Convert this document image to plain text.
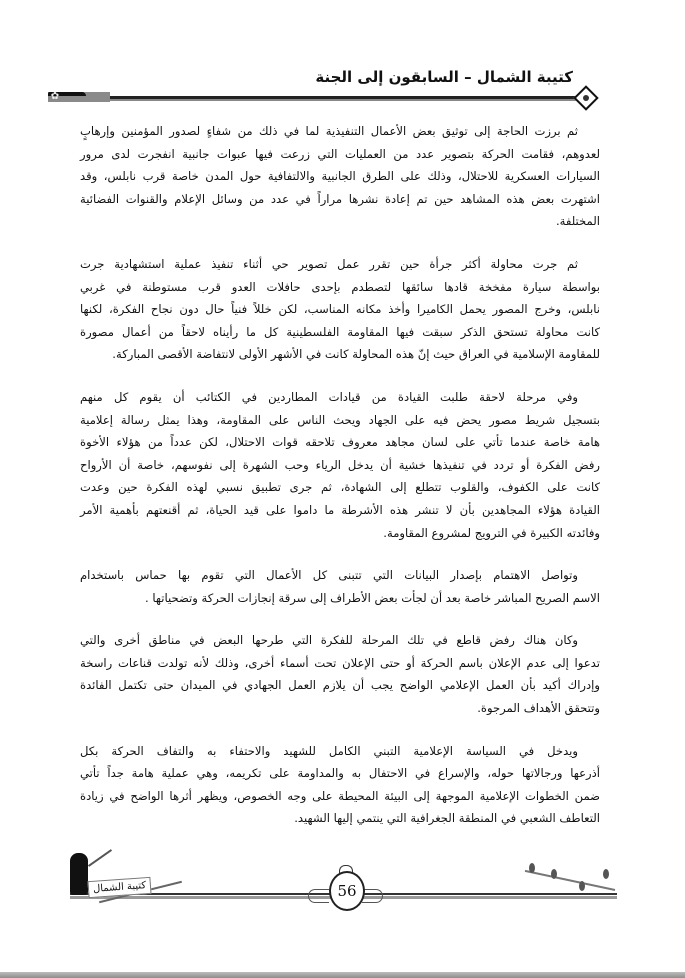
كتيبة الشمال – السابقون إلى الجنة
✿
ثم برزت الحاجة إلى توثيق بعض الأعمال التنفيذية لما في ذلك من شفاءٍ لصدور المؤمنين وإرهابٍ
لعدوهم، فقامت الحركة بتصوير عدد من العمليات التي زرعت فيها عبوات جانبية انفجرت لدى مرور
السيارات العسكرية للاحتلال، وذلك على الطرق الجانبية والالتفافية حول المدن خاصة قرب نابلس، وقد
اشتهرت بعض هذه المشاهد حين تم إعادة نشرها مراراً في عدد من وسائل الإعلام والقنوات الفضائية
المختلفة.
ثم جرت محاولة أكثر جرأة حين تقرر عمل تصوير حي أثناء تنفيذ عملية استشهادية جرت
بواسطة سيارة مفخخة قادها سائقها لتصطدم بإحدى حافلات العدو قرب مستوطنة في غربي
نابلس، وخرج المصور يحمل الكاميرا وأخذ مكانه المناسب، لكن خللاً فنياً حال دون نجاح الفكرة، لكنها
كانت محاولة تستحق الذكر سبقت فيها المقاومة الفلسطينية كل ما رأيناه لاحقاً من أعمال مصورة
للمقاومة الإسلامية في العراق حيث إنّ هذه المحاولة كانت في الأشهر الأولى لانتفاضة الأقصى المباركة.
وفي مرحلة لاحقة طلبت القيادة من قيادات المطاردين في الكتائب أن يقوم كل منهم
بتسجيل شريط مصور يحض فيه على الجهاد ويحث الناس على المقاومة، وهذا يمثل رسالة إعلامية
هامة خاصة عندما تأتي على لسان مجاهد معروف تلاحقه قوات الاحتلال، لكن عدداً من هؤلاء الأخوة
رفض الفكرة أو تردد في تنفيذها خشية أن يدخل الرياء وحب الشهرة إلى نفوسهم، خاصة أن الأرواح
كانت على الكفوف، والقلوب تتطلع إلى الشهادة، ثم جرى تطبيق نسبي لهذه الفكرة حين وعدت
القيادة هؤلاء المجاهدين بأن لا تنشر هذه الأشرطة ما داموا على قيد الحياة، ثم أقنعتهم بأهمية الأمر
وفائدته الكبيرة في الترويج لمشروع المقاومة.
وتواصل الاهتمام بإصدار البيانات التي تتبنى كل الأعمال التي تقوم بها حماس باستخدام
الاسم الصريح المباشر خاصة بعد أن لجأت بعض الأطراف إلى سرقة إنجازات الحركة وتضحياتها .
وكان هناك رفض قاطع في تلك المرحلة للفكرة التي طرحها البعض في مناطق أخرى والتي
تدعوا إلى عدم الإعلان باسم الحركة أو حتى الإعلان تحت أسماء أخرى، وذلك لأنه تولدت قناعات راسخة
وإدراك أكيد بأن العمل الإعلامي الواضح يجب أن يلازم العمل الجهادي في الميدان حتى تكتمل الفائدة
وتتحقق الأهداف المرجوة.
ويدخل في السياسة الإعلامية التبني الكامل للشهيد والاحتفاء به والتفاف الحركة بكل
أذرعها ورجالاتها حوله، والإسراع في الاحتفال به والمداومة على تكريمه، وهي عملية هامة جداً تأتي
ضمن الخطوات الإعلامية الموجهة إلى البيئة المحيطة على وجه الخصوص، ويظهر أثرها الواضح في زيادة
التعاطف الشعبي في المنطقة الجغرافية التي ينتمي إليها الشهيد.
كتيبة الشمال	56
